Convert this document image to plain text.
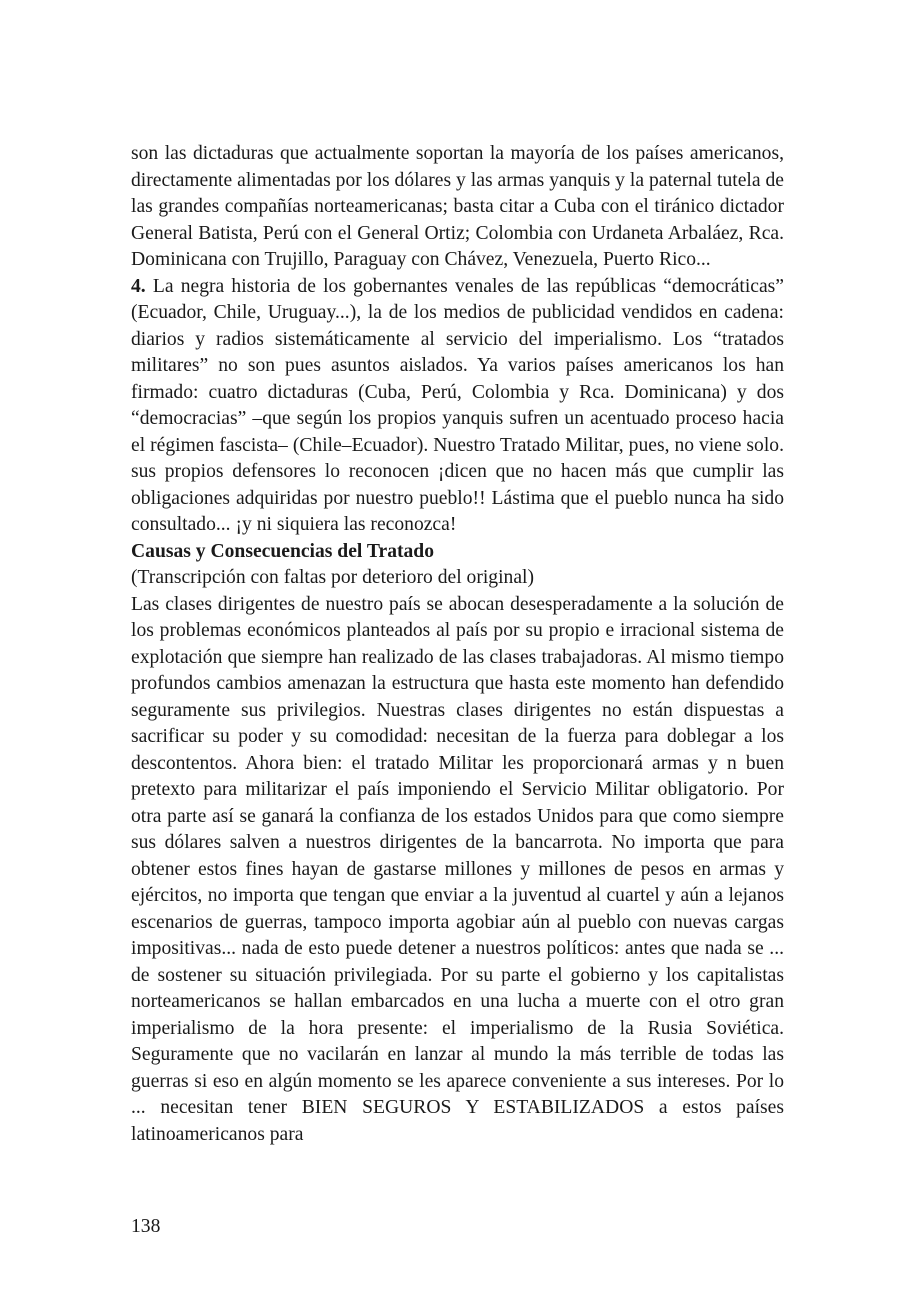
son las dictaduras que actualmente soportan la mayoría de los países americanos, directamente alimentadas por los dólares y las armas yanquis y la paternal tutela de las grandes compañías norteamericanas; basta citar a Cuba con el tiránico dictador General Batista, Perú con el General Ortiz; Colombia con Urdaneta Arbaláez, Rca. Dominicana con Trujillo, Paraguay con Chávez, Venezuela, Puerto Rico...

4. La negra historia de los gobernantes venales de las repúblicas “democráticas” (Ecuador, Chile, Uruguay...), la de los medios de publicidad vendidos en cadena: diarios y radios sistemáticamente al servicio del imperialismo. Los “tratados militares” no son pues asuntos aislados. Ya varios países americanos los han firmado: cuatro dictaduras (Cuba, Perú, Colombia y Rca. Dominicana) y dos “democracias” –que según los propios yanquis sufren un acentuado proceso hacia el régimen fascista– (Chile–Ecuador). Nuestro Tratado Militar, pues, no viene solo. sus propios defensores lo reconocen ¡dicen que no hacen más que cumplir las obligaciones adquiridas por nuestro pueblo!! Lástima que el pueblo nunca ha sido consultado... ¡y ni siquiera las reconozca!

Causas y Consecuencias del Tratado

(Transcripción con faltas por deterioro del original)

Las clases dirigentes de nuestro país se abocan desesperadamente a la solución de los problemas económicos planteados al país por su propio e irracional sistema de explotación que siempre han realizado de las clases trabajadoras. Al mismo tiempo profundos cambios amenazan la estructura que hasta este momento han defendido seguramente sus privilegios. Nuestras clases dirigentes no están dispuestas a sacrificar su poder y su comodidad: necesitan de la fuerza para doblegar a los descontentos. Ahora bien: el tratado Militar les proporcionará armas y n buen pretexto para militarizar el país imponiendo el Servicio Militar obligatorio. Por otra parte así se ganará la confianza de los estados Unidos para que como siempre sus dólares salven a nuestros dirigentes de la bancarrota. No importa que para obtener estos fines hayan de gastarse millones y millones de pesos en armas y ejércitos, no importa que tengan que enviar a la juventud al cuartel y aún a lejanos escenarios de guerras, tampoco importa agobiar aún al pueblo con nuevas cargas impositivas... nada de esto puede detener a nuestros políticos: antes que nada se ... de sostener su situación privilegiada. Por su parte el gobierno y los capitalistas norteamericanos se hallan embarcados en una lucha a muerte con el otro gran imperialismo de la hora presente: el imperialismo de la Rusia Soviética. Seguramente que no vacilarán en lanzar al mundo la más terrible de todas las guerras si eso en algún momento se les aparece conveniente a sus intereses. Por lo ... necesitan tener BIEN SEGUROS Y ESTABILIZADOS a estos países latinoamericanos para

138
